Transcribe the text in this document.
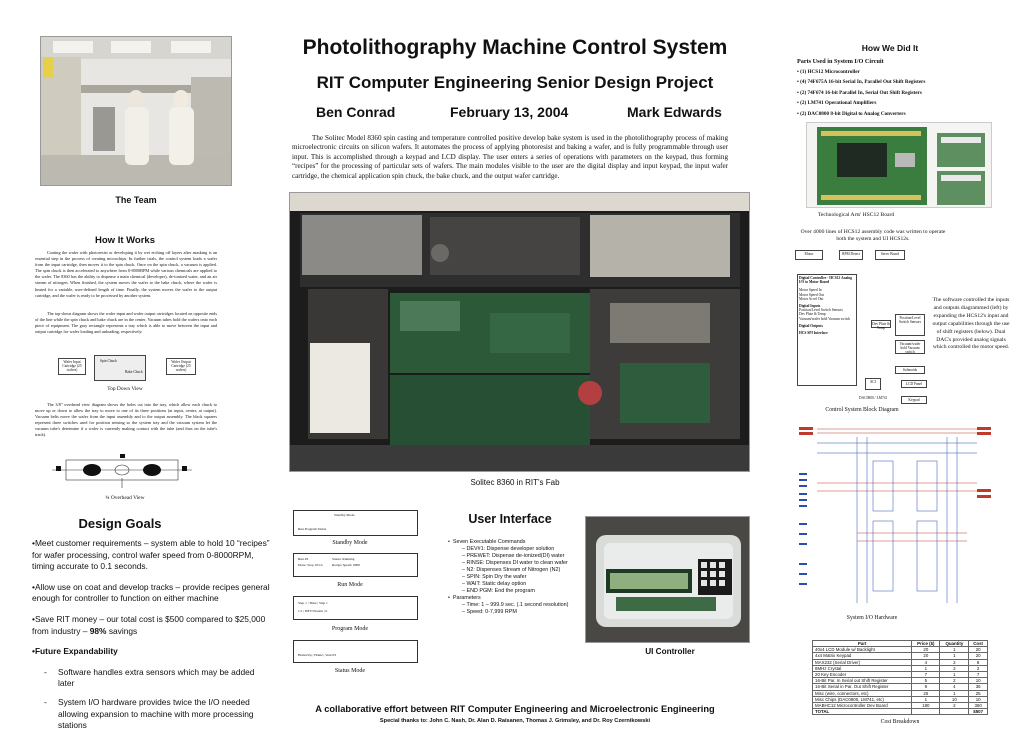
Photolithography Machine Control System
RIT Computer Engineering Senior Design Project
Ben Conrad	February 13, 2004	Mark Edwards
The Solitec Model 8360 spin casting and temperature controlled positive develop bake system is used in the photolithography process of making microelectronic circuits on silicon wafers. It automates the process of applying photoresist and baking a wafer, and is fully programmable through user input. This is accomplished through a keypad and LCD display. The user enters a series of operations with parameters on the keypad, thus forming “recipes” for the processing of particular sets of wafers. The main modules visible to the user are the digital display and input keypad, the input wafer cartridge, the chemical application spin chuck, the bake chuck, and the output wafer cartridge.
The Team
How It Works
Coating the wafer with photoresist or developing it by wet etching off layers after masking is an essential step in the process of creating microchips. In further trials, the control system loads a wafer from the input cartridge, then moves it to the spin chuck. Once on the spin chuck, a vacuum is applied. The spin chuck is then accelerated to anywhere from 0-8000RPM while various chemicals are applied to the wafer. The 8360 has the ability to dispense a main chemical (developer), de-ionized water, and an air stream of nitrogen. When finished, the system moves the wafer to the bake chuck, where the wafer is heated for a variable, user-defined length of time. Finally, the system moves the wafer to the output cartridge, and the wafer is ready to be processed by another system.
The top-down diagram shows the wafer input and wafer output cartridges located on opposite ends of the line while the spin chuck and bake chuck are in the center. Vacuum tubes hold the wafers onto each piece of equipment. The gray rectangle represents a tray which is able to move between the input and output cartridge for wafer loading and unloading, respectively.
Wafer Input Cartridge (25 wafers)
Spin Chuck
Bake Chuck
Wafer Output Cartridge (25 wafers)
Top Down View
The 3/8" overhead view diagram shows the holes cut into the tray, which allow each chuck to move up or down to allow the tray to move to one of its three positions (at input, center, at output). Vacuum belts move the wafer from the input assembly and to the output assembly. The black squares represent three switches used for position sensing so the system tray and the vacuum system let the vacuum tube's determine if a wafer is currently making contact with the tube (and thus on the tube's track).
¾ Overhead View
Design Goals
•Meet customer requirements – system able to hold 10 “recipes” for wafer processing, control wafer speed from 0-8000RPM, timing accurate to 0.1 seconds.
•Allow use on coat and develop tracks – provide recipes general enough for controller to function on either machine
•Save RIT money – our total cost is $500 compared to $25,000 from industry – 98% savings
•Future Expandability
- Software handles extra sensors which may be added later
- System I/O hardware provides twice the I/O needed allowing expansion to machine with more processing stations
Solitec 8360 in RIT's Fab
Standby Mode
Run Program Status
Standby Mode
Run #3	Status: Running
Done: Step 10/14	Recipe Speed: 0000
Run Mode
Step 1 | Time | Step 1
1/1 | DEV/Nozzle | 0
Program Mode
Home/Up | Home | Vent 03
Status Mode
User Interface
•  Seven Executable Commands
– DEV#1: Dispense developer solution
– PREWET: Dispense de-ionized(DI) water
– RINSE: Dispenses DI water to clean wafer
– N2: Dispenses Stream of Nitrogen (N2)
– SPIN: Spin Dry the wafer
– WAIT: Static delay option
– END PGM: End the program
•  Parameters
– Time: 1 – 999.9 sec. (.1 second resolution)
– Speed: 0-7,999 RPM
UI Controller
A collaborative effort between RIT Computer Engineering and Microelectronic Engineering
Special thanks to: John C. Nash, Dr. Alan D. Raisanen, Thomas J. Grimsley, and Dr. Roy Czernikowski
How We Did It
Parts Used in System I/O Circuit
• (1) HCS12 Microcontroller
• (4) 74F675A 16-bit Serial In, Parallel Out Shift Registers
• (2) 74F674 16-bit Parallel In, Serial Out Shift Registers
• (2) LM741 Operational Amplifiers
• (2) DAC0800 8-bit Digital to Analog Converters
Technological Arts' HSC12 Board
Over 4000 lines of HCS12 assembly code was written to operate both the system and UI HCS12s.
Motor	RPM Detect	Servo Board
Digital Controller - HCS12 Analog I/O to Motor Board
Motor Speed In
Motor Speed Out
Motor Accel Out
Digital Inputs
Position/Level Switch Sensors
Dev Plate & Temp
Vacuum/wafer hold Vacuum switch
Digital Outputs
HCS SPI Interface
Dev Plate & Temp
Position/Level Switch Sensors
Vacuum/wafer hold Vacuum switch
Solenoids
SCI	LCD Panel
Keypad
DAC0800 / LM741
Control System Block Diagram
The software controlled the inputs and outputs diagrammed (left) by expanding the HCS12's input and output capabilities through the use of shift registers (below). Dual DAC's provided analog signals which controlled the motor speed.
System I/O Hardware
Part	Price ($)	Quantity	Cost
40x4 LCD Module w/ Backlight	20	1	20
4x4 Matrix Keypad	20	1	20
MAX232 (Serial Driver)	4	2	8
8MHz Crystal	1	2	2
20 Key Encoder	7	1	7
16-Bit Par. In Serial out Shift Register	5	2	10
16-Bit Serial in Par. Out Shift Register	9	4	36
Misc (wire, connectors, etc)	25	1	25
Misc Chips (DAC0800, LM741, etc)	1	10	10
MABHC12 Microcontroller Dev Board	180	2	360
TOTAL			$507
Cost Breakdown
